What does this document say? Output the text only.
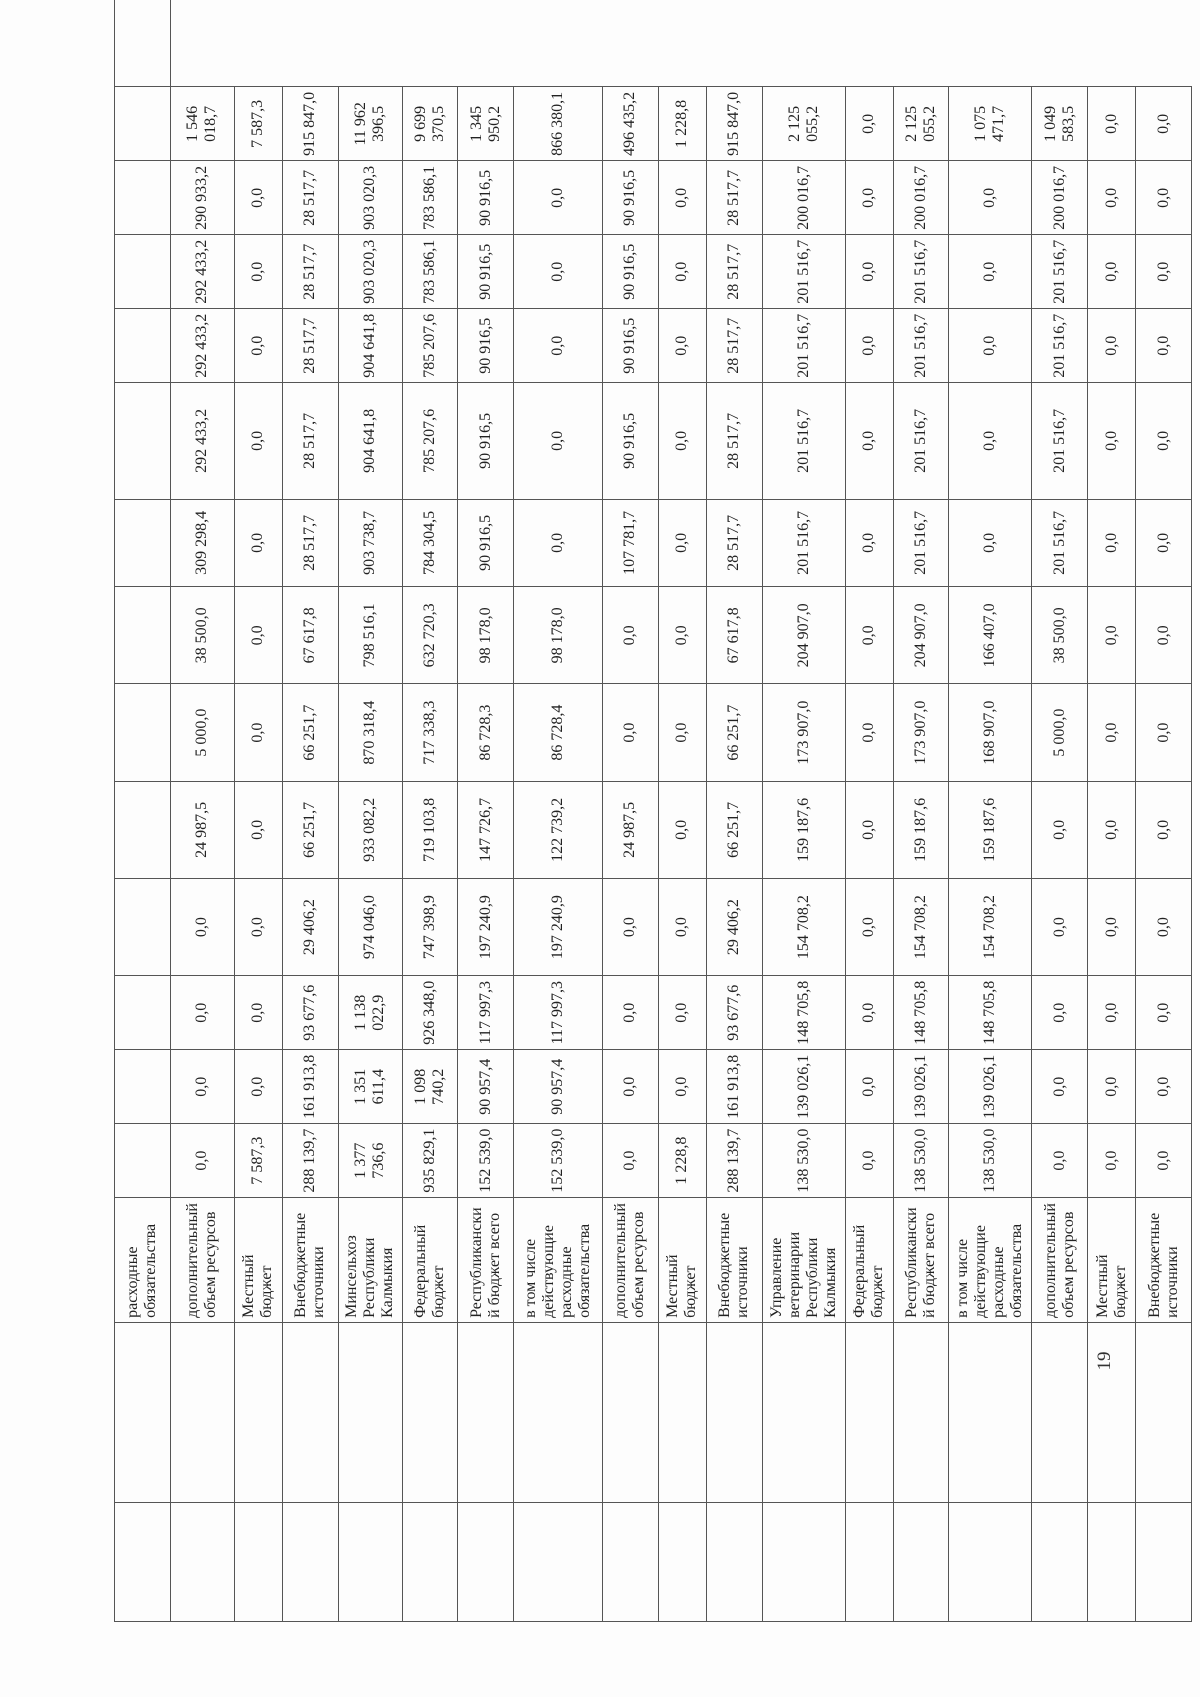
		расходные обязательства														
		дополнительный объем ресурсов	0,0	0,0	0,0	0,0	24 987,5	5 000,0	38 500,0	309 298,4	292 433,2	292 433,2	292 433,2	290 933,2	1 546 018,7	
		Местный бюджет	7 587,3	0,0	0,0	0,0	0,0	0,0	0,0	0,0	0,0	0,0	0,0	0,0	7 587,3	
		Внебюджетные источники	288 139,7	161 913,8	93 677,6	29 406,2	66 251,7	66 251,7	67 617,8	28 517,7	28 517,7	28 517,7	28 517,7	28 517,7	915 847,0	
		Минсельхоз Республики Калмыкия	1 377 736,6	1 351 611,4	1 138 022,9	974 046,0	933 082,2	870 318,4	798 516,1	903 738,7	904 641,8	904 641,8	903 020,3	903 020,3	11 962 396,5	
		Федеральный бюджет	935 829,1	1 098 740,2	926 348,0	747 398,9	719 103,8	717 338,3	632 720,3	784 304,5	785 207,6	785 207,6	783 586,1	783 586,1	9 699 370,5	
		Республиканский бюджет всего	152 539,0	90 957,4	117 997,3	197 240,9	147 726,7	86 728,3	98 178,0	90 916,5	90 916,5	90 916,5	90 916,5	90 916,5	1 345 950,2	
		в том числе действующие расходные обязательства	152 539,0	90 957,4	117 997,3	197 240,9	122 739,2	86 728,4	98 178,0	0,0	0,0	0,0	0,0	0,0	866 380,1	
		дополнительный объем ресурсов	0,0	0,0	0,0	0,0	24 987,5	0,0	0,0	107 781,7	90 916,5	90 916,5	90 916,5	90 916,5	496 435,2	
		Местный бюджет	1 228,8	0,0	0,0	0,0	0,0	0,0	0,0	0,0	0,0	0,0	0,0	0,0	1 228,8	
		Внебюджетные источники	288 139,7	161 913,8	93 677,6	29 406,2	66 251,7	66 251,7	67 617,8	28 517,7	28 517,7	28 517,7	28 517,7	28 517,7	915 847,0	
		Управление ветеринарии Республики Калмыкия	138 530,0	139 026,1	148 705,8	154 708,2	159 187,6	173 907,0	204 907,0	201 516,7	201 516,7	201 516,7	201 516,7	200 016,7	2 125 055,2	
		Федеральный бюджет	0,0	0,0	0,0	0,0	0,0	0,0	0,0	0,0	0,0	0,0	0,0	0,0	0,0	
		Республиканский бюджет всего	138 530,0	139 026,1	148 705,8	154 708,2	159 187,6	173 907,0	204 907,0	201 516,7	201 516,7	201 516,7	201 516,7	200 016,7	2 125 055,2	
		в том числе действующие расходные обязательства	138 530,0	139 026,1	148 705,8	154 708,2	159 187,6	168 907,0	166 407,0	0,0	0,0	0,0	0,0	0,0	1 075 471,7	
		дополнительный объем ресурсов	0,0	0,0	0,0	0,0	0,0	5 000,0	38 500,0	201 516,7	201 516,7	201 516,7	201 516,7	200 016,7	1 049 583,5	
		Местный бюджет	0,0	0,0	0,0	0,0	0,0	0,0	0,0	0,0	0,0	0,0	0,0	0,0	0,0	
		Внебюджетные источники	0,0	0,0	0,0	0,0	0,0	0,0	0,0	0,0	0,0	0,0	0,0	0,0	0,0	
19
